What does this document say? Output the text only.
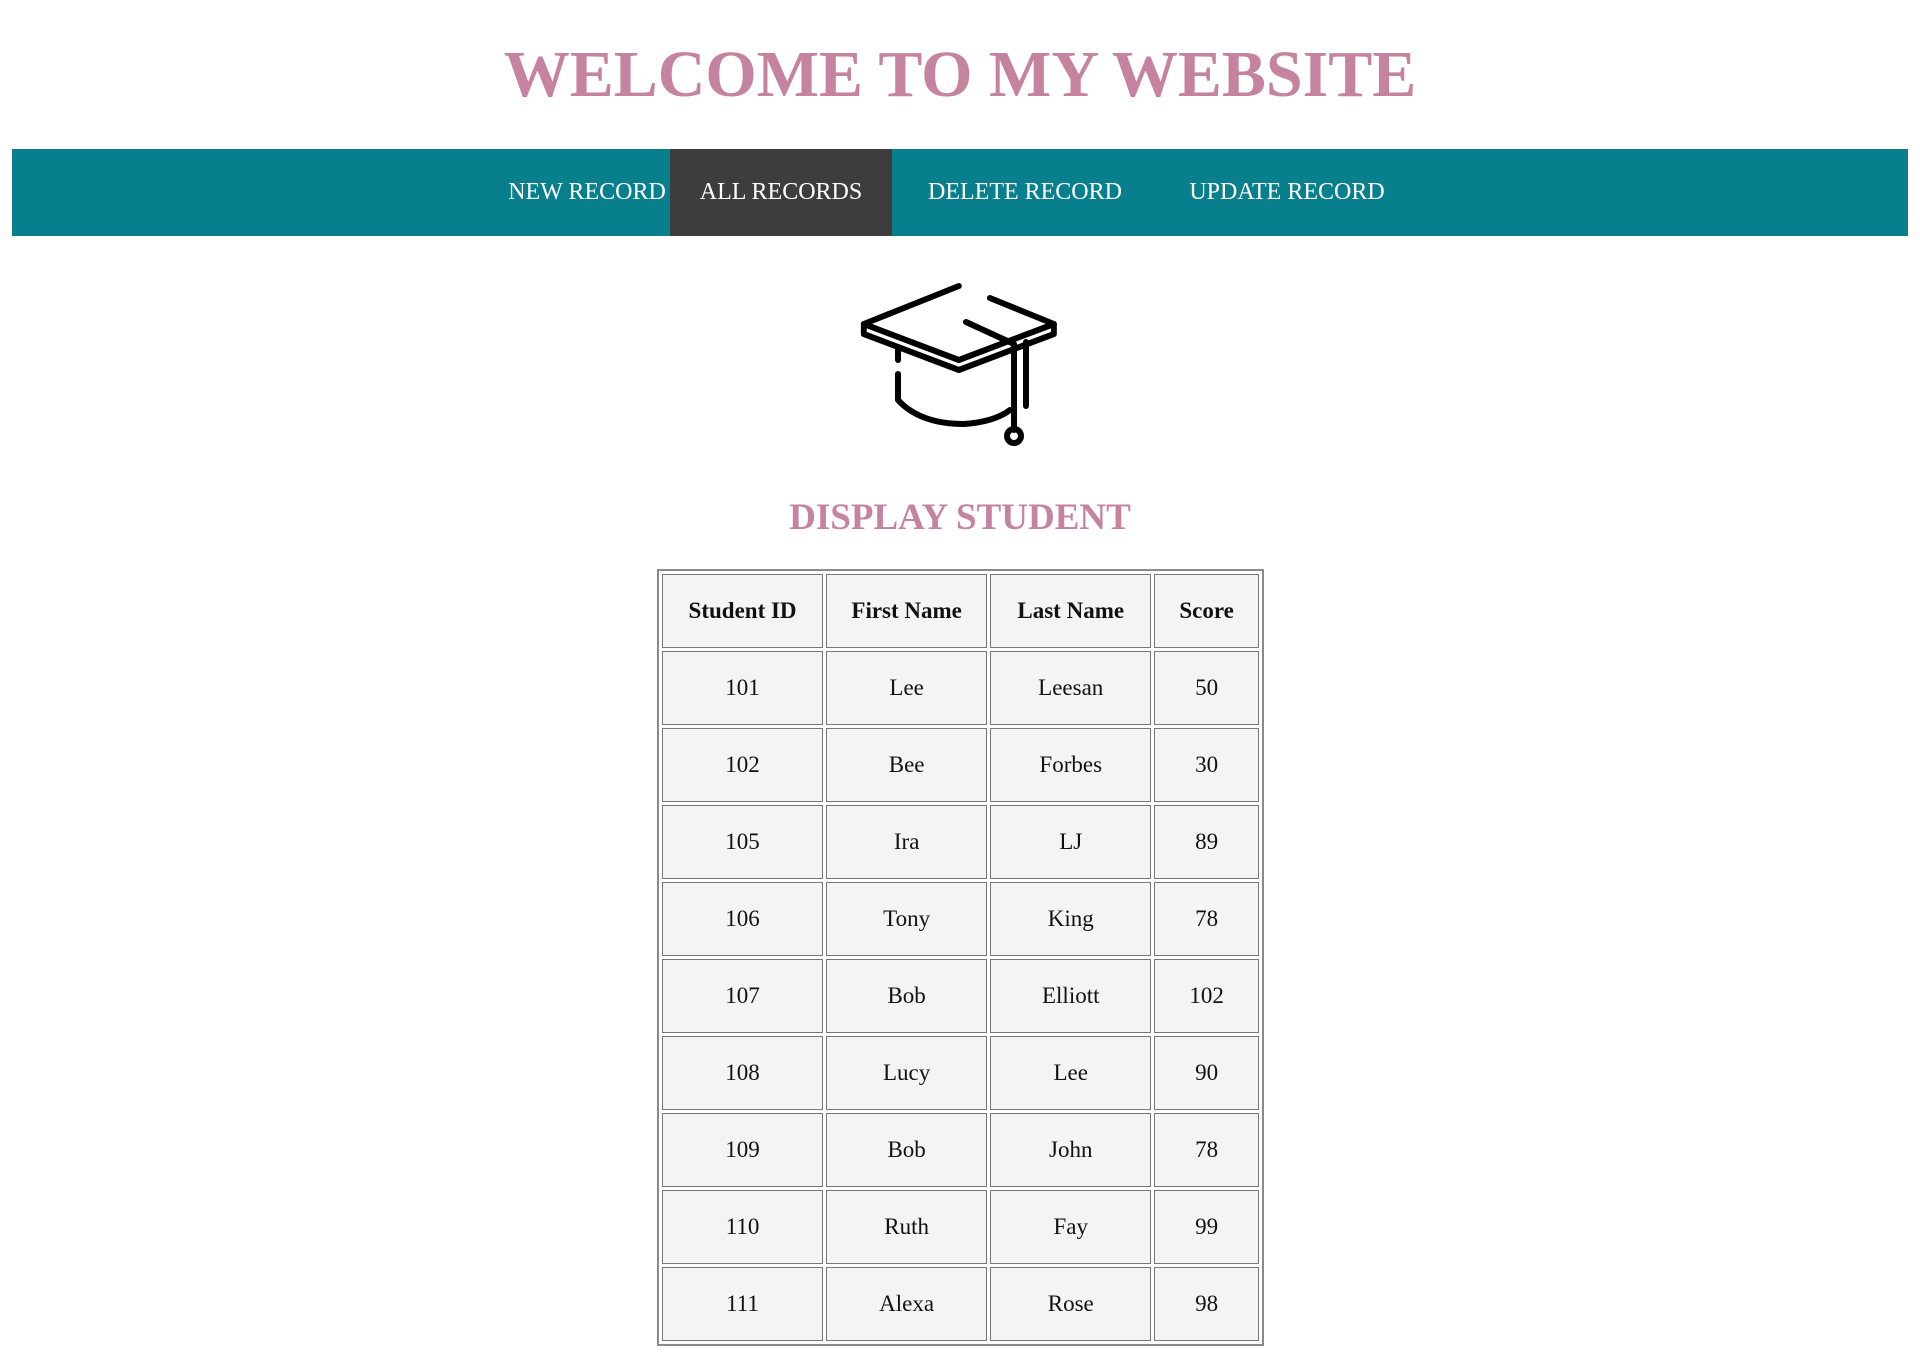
WELCOME TO MY WEBSITE
NEW RECORD	ALL RECORDS	DELETE RECORD	UPDATE RECORD
DISPLAY STUDENT
Student ID	First Name	Last Name	Score
101	Lee	Leesan	50
102	Bee	Forbes	30
105	Ira	LJ	89
106	Tony	King	78
107	Bob	Elliott	102
108	Lucy	Lee	90
109	Bob	John	78
110	Ruth	Fay	99
111	Alexa	Rose	98
